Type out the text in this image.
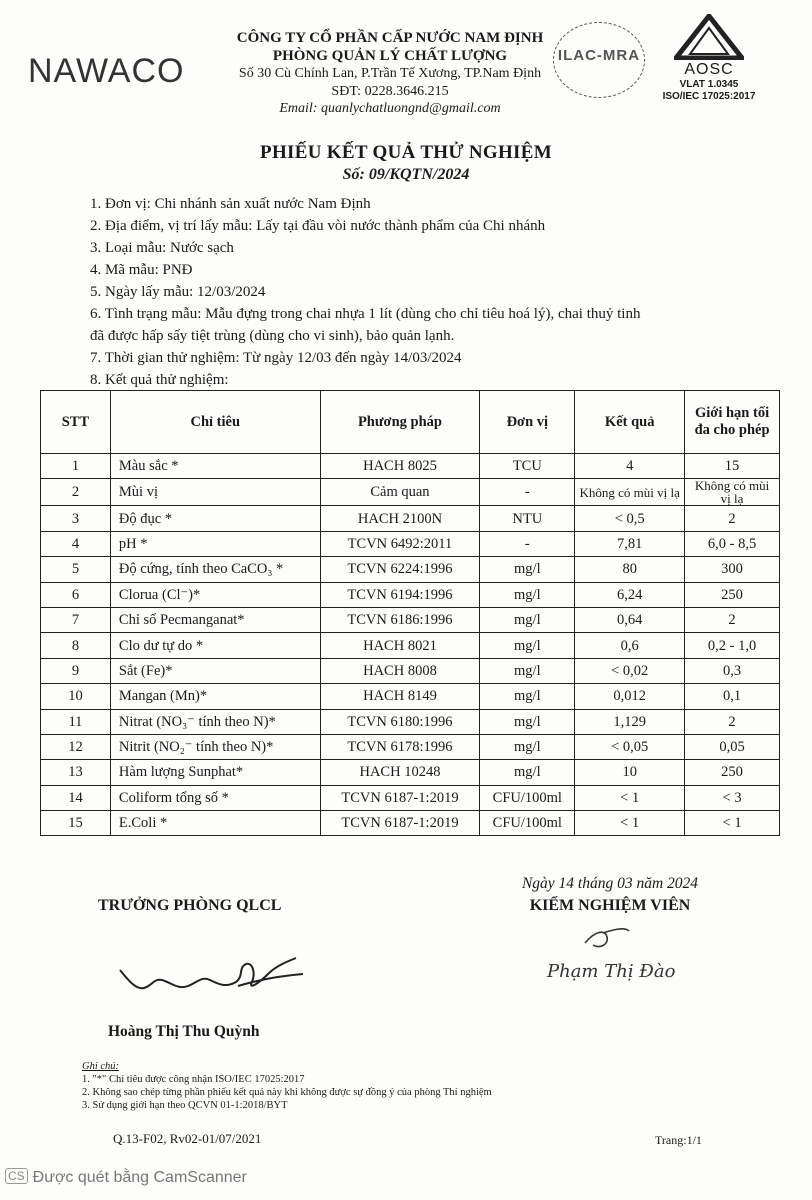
NAWACO
CÔNG TY CỔ PHẦN CẤP NƯỚC NAM ĐỊNH
PHÒNG QUẢN LÝ CHẤT LƯỢNG
Số 30 Cù Chính Lan, P.Trần Tế Xương, TP.Nam Định
SĐT: 0228.3646.215
Email: quanlychatluongnd@gmail.com
ILAC-MRA
AOSC
VLAT 1.0345
ISO/IEC 17025:2017
PHIẾU KẾT QUẢ THỬ NGHIỆM
Số: 09/KQTN/2024
1. Đơn vị: Chi nhánh sản xuất nước Nam Định
2. Địa điểm, vị trí lấy mẫu: Lấy tại đầu vòi nước thành phẩm của Chi nhánh
3. Loại mẫu: Nước sạch
4. Mã mẫu: PNĐ
5. Ngày lấy mẫu: 12/03/2024
6. Tình trạng mẫu: Mẫu đựng trong chai nhựa 1 lít (dùng cho chỉ tiêu hoá lý), chai thuỷ tinh
đã được hấp sấy tiệt trùng (dùng cho vi sinh), bảo quản lạnh.
7. Thời gian thử nghiệm: Từ ngày 12/03 đến ngày 14/03/2024
8. Kết quả thử nghiệm:
STT	Chỉ tiêu	Phương pháp	Đơn vị	Kết quả	Giới hạn tối đa cho phép
1	Màu sắc *	HACH 8025	TCU	4	15
2	Mùi vị	Cảm quan	-	Không có mùi vị lạ	Không có mùi vị lạ
3	Độ đục *	HACH 2100N	NTU	< 0,5	2
4	pH *	TCVN 6492:2011	-	7,81	6,0 - 8,5
5	Độ cứng, tính theo CaCO₃ *	TCVN 6224:1996	mg/l	80	300
6	Clorua (Cl⁻)*	TCVN 6194:1996	mg/l	6,24	250
7	Chỉ số Pecmanganat*	TCVN 6186:1996	mg/l	0,64	2
8	Clo dư tự do *	HACH 8021	mg/l	0,6	0,2 - 1,0
9	Sắt (Fe)*	HACH 8008	mg/l	< 0,02	0,3
10	Mangan (Mn)*	HACH 8149	mg/l	0,012	0,1
11	Nitrat (NO₃⁻ tính theo N)*	TCVN 6180:1996	mg/l	1,129	2
12	Nitrit (NO₂⁻ tính theo N)*	TCVN 6178:1996	mg/l	< 0,05	0,05
13	Hàm lượng Sunphat*	HACH 10248	mg/l	10	250
14	Coliform tổng số *	TCVN 6187-1:2019	CFU/100ml	< 1	< 3
15	E.Coli *	TCVN 6187-1:2019	CFU/100ml	< 1	< 1
Ngày 14 tháng 03 năm 2024
TRƯỞNG PHÒNG QLCL	KIỂM NGHIỆM VIÊN
Phạm Thị Đào
Hoàng Thị Thu Quỳnh
Ghi chú:
1. "*" Chỉ tiêu được công nhận ISO/IEC 17025:2017
2. Không sao chép từng phần phiếu kết quả này khi không được sự đồng ý của phòng Thí nghiệm
3. Sử dụng giới hạn theo QCVN 01-1:2018/BYT
Q.13-F02, Rv02-01/07/2021	Trang:1/1
CS Được quét bằng CamScanner
